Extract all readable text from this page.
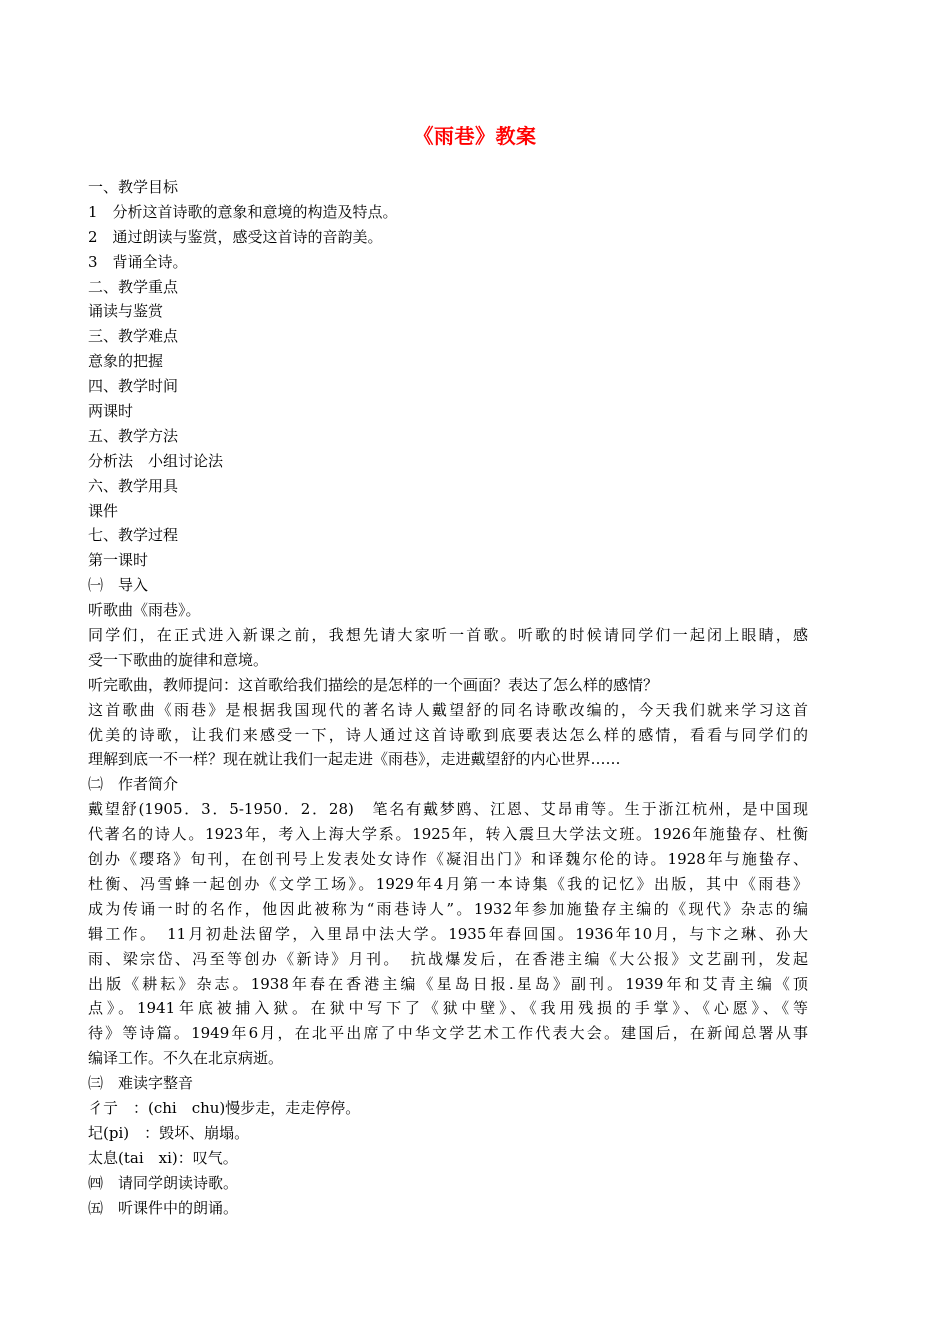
《雨巷》教案
一、教学目标
1　分析这首诗歌的意象和意境的构造及特点。
2　通过朗读与鉴赏，感受这首诗的音韵美。
3　背诵全诗。
二、教学重点
诵读与鉴赏
三、教学难点
意象的把握
四、教学时间
两课时
五、教学方法
分析法　小组讨论法
六、教学用具
课件
七、教学过程
第一课时
㈠　导入
听歌曲《雨巷》。
同学们，在正式进入新课之前，我想先请大家听一首歌。听歌的时候请同学们一起闭上眼睛，感
受一下歌曲的旋律和意境。
听完歌曲，教师提问：这首歌给我们描绘的是怎样的一个画面？表达了怎么样的感情？
这首歌曲《雨巷》是根据我国现代的著名诗人戴望舒的同名诗歌改编的，今天我们就来学习这首
优美的诗歌，让我们来感受一下，诗人通过这首诗歌到底要表达怎么样的感情，看看与同学们的
理解到底一不一样？现在就让我们一起走进《雨巷》，走进戴望舒的内心世界……
㈡　作者简介
戴望舒(1905．3．5-1950．2．28)　笔名有戴梦鸥、江恩、艾昂甫等。生于浙江杭州，是中国现
代著名的诗人。1923年，考入上海大学系。1925年，转入震旦大学法文班。1926年施蛰存、杜衡
创办《璎珞》旬刊，在创刊号上发表处女诗作《凝泪出门》和译魏尔伦的诗。1928年与施蛰存、
杜衡、冯雪蜂一起创办《文学工场》。1929年4月第一本诗集《我的记忆》出版，其中《雨巷》
成为传诵一时的名作，他因此被称为“雨巷诗人”。1932年参加施蛰存主编的《现代》杂志的编
辑工作。　11月初赴法留学，入里昂中法大学。1935年春回国。1936年10月，与卞之琳、孙大
雨、梁宗岱、冯至等创办《新诗》月刊。　抗战爆发后，在香港主编《大公报》文艺副刊，发起
出版《耕耘》杂志。1938年春在香港主编《星岛日报.星岛》副刊。1939年和艾青主编《顶
点》。1941年底被捕入狱。在狱中写下了《狱中壁》、《我用残损的手掌》、《心愿》、《等
待》等诗篇。1949年6月，在北平出席了中华文学艺术工作代表大会。建国后，在新闻总署从事
编译工作。不久在北京病逝。
㈢　难读字整音
彳亍　：(chi　chu)慢步走，走走停停。
圮(pi)　：毁坏、崩塌。
太息(tai　xi)：叹气。
㈣　请同学朗读诗歌。
㈤　听课件中的朗诵。
